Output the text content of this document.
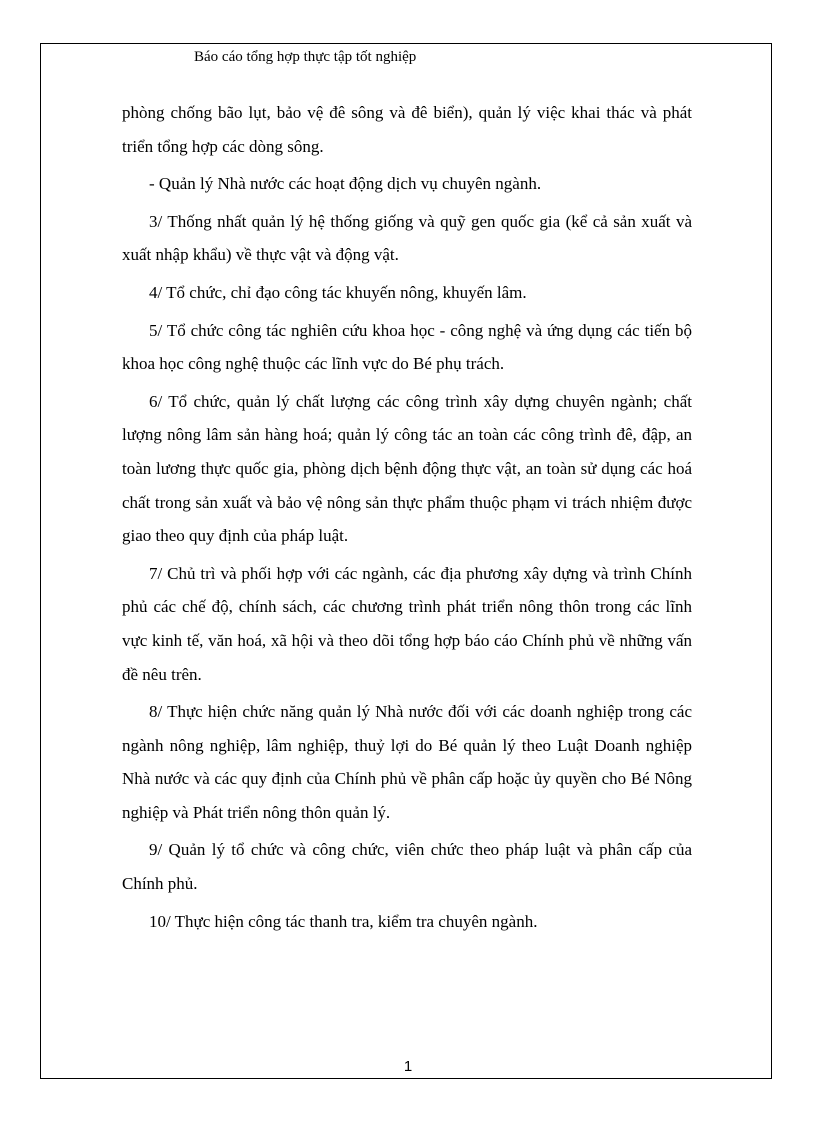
Báo cáo tổng hợp thực tập tốt nghiệp

phòng chống bão lụt, bảo vệ đê sông và đê biển), quản lý việc khai thác và phát triển tổng hợp các dòng sông.

- Quản lý Nhà nước các hoạt động dịch vụ chuyên ngành.

3/ Thống nhất quản lý hệ thống giống và quỹ gen quốc gia (kể cả sản xuất và xuất nhập khẩu) về thực vật và động vật.

4/ Tổ chức, chỉ đạo công tác khuyến nông, khuyến lâm.

5/ Tổ chức công tác nghiên cứu khoa học - công nghệ và ứng dụng các tiến bộ khoa học công nghệ thuộc các lĩnh vực do Bé phụ trách.

6/ Tổ chức, quản lý chất lượng các công trình xây dựng chuyên ngành; chất lượng nông lâm sản hàng hoá; quản lý công tác an toàn các công trình đê, đập, an toàn lương thực quốc gia, phòng dịch bệnh động thực vật, an toàn sử dụng các hoá chất trong sản xuất và bảo vệ nông sản thực phẩm thuộc phạm vi trách nhiệm được giao theo quy định của pháp luật.

7/ Chủ trì và phối hợp với các ngành, các địa phương xây dựng và trình Chính phủ các chế độ, chính sách, các chương trình phát triển nông thôn trong các lĩnh vực kinh tế, văn hoá, xã hội và theo dõi tổng hợp báo cáo Chính phủ về những vấn đề nêu trên.

8/ Thực hiện chức năng quản lý Nhà nước đối với các doanh nghiệp trong các ngành nông nghiệp, lâm nghiệp, thuỷ lợi do Bé quản lý theo Luật Doanh nghiệp Nhà nước và các quy định của Chính phủ về phân cấp hoặc ủy quyền cho Bé Nông nghiệp và Phát triển nông thôn quản lý.

9/ Quản lý tổ chức và công chức, viên chức theo pháp luật và phân cấp của Chính phủ.

10/ Thực hiện công tác thanh tra, kiểm tra chuyên ngành.

1
